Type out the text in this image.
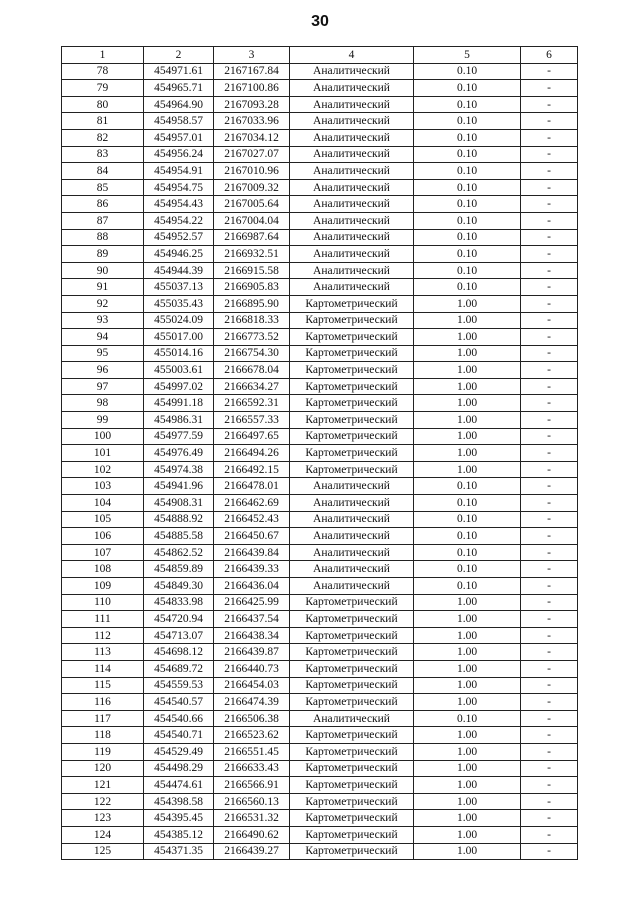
30
1	2	3	4	5	6
78	454971.61	2167167.84	Аналитический	0.10	-
79	454965.71	2167100.86	Аналитический	0.10	-
80	454964.90	2167093.28	Аналитический	0.10	-
81	454958.57	2167033.96	Аналитический	0.10	-
82	454957.01	2167034.12	Аналитический	0.10	-
83	454956.24	2167027.07	Аналитический	0.10	-
84	454954.91	2167010.96	Аналитический	0.10	-
85	454954.75	2167009.32	Аналитический	0.10	-
86	454954.43	2167005.64	Аналитический	0.10	-
87	454954.22	2167004.04	Аналитический	0.10	-
88	454952.57	2166987.64	Аналитический	0.10	-
89	454946.25	2166932.51	Аналитический	0.10	-
90	454944.39	2166915.58	Аналитический	0.10	-
91	455037.13	2166905.83	Аналитический	0.10	-
92	455035.43	2166895.90	Картометрический	1.00	-
93	455024.09	2166818.33	Картометрический	1.00	-
94	455017.00	2166773.52	Картометрический	1.00	-
95	455014.16	2166754.30	Картометрический	1.00	-
96	455003.61	2166678.04	Картометрический	1.00	-
97	454997.02	2166634.27	Картометрический	1.00	-
98	454991.18	2166592.31	Картометрический	1.00	-
99	454986.31	2166557.33	Картометрический	1.00	-
100	454977.59	2166497.65	Картометрический	1.00	-
101	454976.49	2166494.26	Картометрический	1.00	-
102	454974.38	2166492.15	Картометрический	1.00	-
103	454941.96	2166478.01	Аналитический	0.10	-
104	454908.31	2166462.69	Аналитический	0.10	-
105	454888.92	2166452.43	Аналитический	0.10	-
106	454885.58	2166450.67	Аналитический	0.10	-
107	454862.52	2166439.84	Аналитический	0.10	-
108	454859.89	2166439.33	Аналитический	0.10	-
109	454849.30	2166436.04	Аналитический	0.10	-
110	454833.98	2166425.99	Картометрический	1.00	-
111	454720.94	2166437.54	Картометрический	1.00	-
112	454713.07	2166438.34	Картометрический	1.00	-
113	454698.12	2166439.87	Картометрический	1.00	-
114	454689.72	2166440.73	Картометрический	1.00	-
115	454559.53	2166454.03	Картометрический	1.00	-
116	454540.57	2166474.39	Картометрический	1.00	-
117	454540.66	2166506.38	Аналитический	0.10	-
118	454540.71	2166523.62	Картометрический	1.00	-
119	454529.49	2166551.45	Картометрический	1.00	-
120	454498.29	2166633.43	Картометрический	1.00	-
121	454474.61	2166566.91	Картометрический	1.00	-
122	454398.58	2166560.13	Картометрический	1.00	-
123	454395.45	2166531.32	Картометрический	1.00	-
124	454385.12	2166490.62	Картометрический	1.00	-
125	454371.35	2166439.27	Картометрический	1.00	-
